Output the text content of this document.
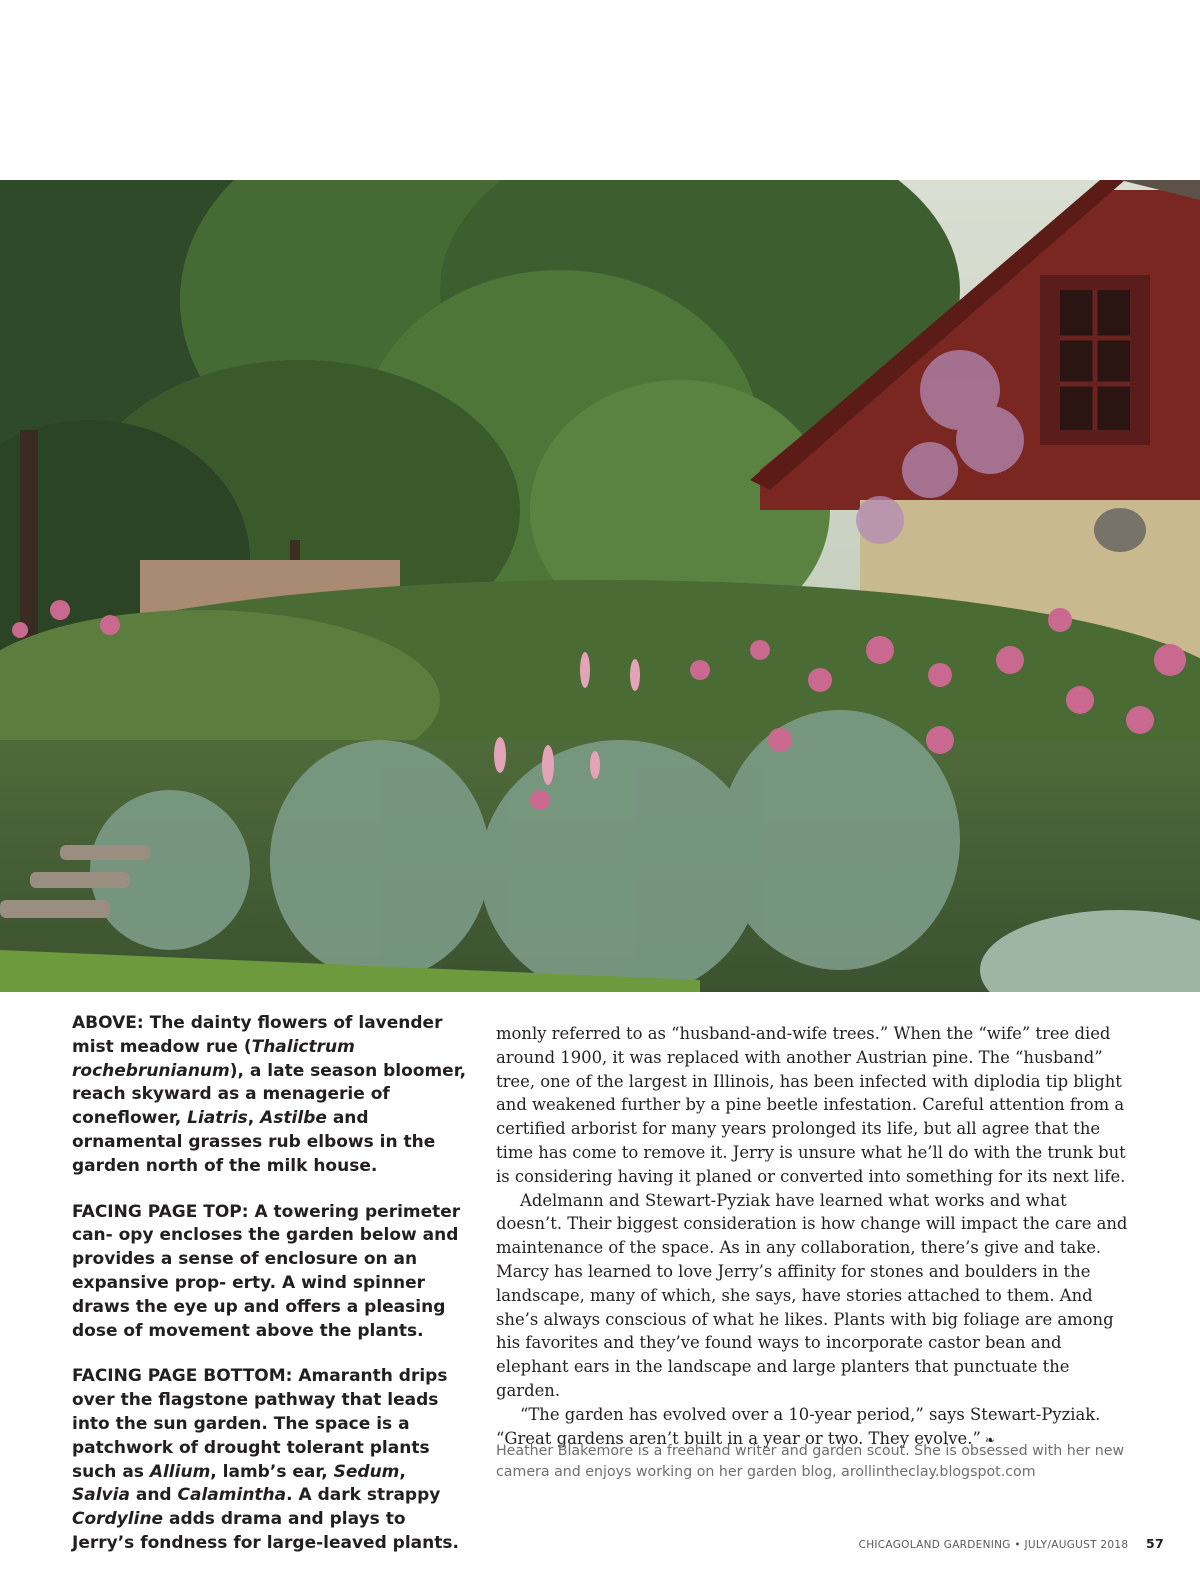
ABOVE: The dainty flowers of lavender mist meadow rue (Thalictrum rochebrunianum), a late season bloomer, reach skyward as a menagerie of coneflower, Liatris, Astilbe and ornamental grasses rub elbows in the garden north of the milk house.

FACING PAGE TOP: A towering perimeter can- opy encloses the garden below and provides a sense of enclosure on an expansive prop- erty. A wind spinner draws the eye up and offers a pleasing dose of movement above the plants.

FACING PAGE BOTTOM: Amaranth drips over the flagstone pathway that leads into the sun garden. The space is a patchwork of drought tolerant plants such as Allium, lamb’s ear, Sedum, Salvia and Calamintha. A dark strappy Cordyline adds drama and plays to Jerry’s fondness for large-leaved plants.

monly referred to as “husband-and-wife trees.” When the “wife” tree died around 1900, it was replaced with another Austrian pine. The “husband” tree, one of the largest in Illinois, has been infected with diplodia tip blight and weakened further by a pine beetle infestation. Careful attention from a certified arborist for many years prolonged its life, but all agree that the time has come to remove it. Jerry is unsure what he’ll do with the trunk but is considering having it planed or converted into something for its next life.

Adelmann and Stewart-Pyziak have learned what works and what doesn’t. Their biggest consideration is how change will impact the care and maintenance of the space. As in any collaboration, there’s give and take. Marcy has learned to love Jerry’s affinity for stones and boulders in the landscape, many of which, she says, have stories attached to them. And she’s always conscious of what he likes. Plants with big foliage are among his favorites and they’ve found ways to incorporate castor bean and elephant ears in the landscape and large planters that punctuate the garden.

“The garden has evolved over a 10-year period,” says Stewart-Pyziak. “Great gardens aren’t built in a year or two. They evolve.” ❧

Heather Blakemore is a freehand writer and garden scout. She is obsessed with her new camera and enjoys working on her garden blog, arollintheclay.blogspot.com
CHICAGOLAND GARDENING • JULY/AUGUST 2018 57
